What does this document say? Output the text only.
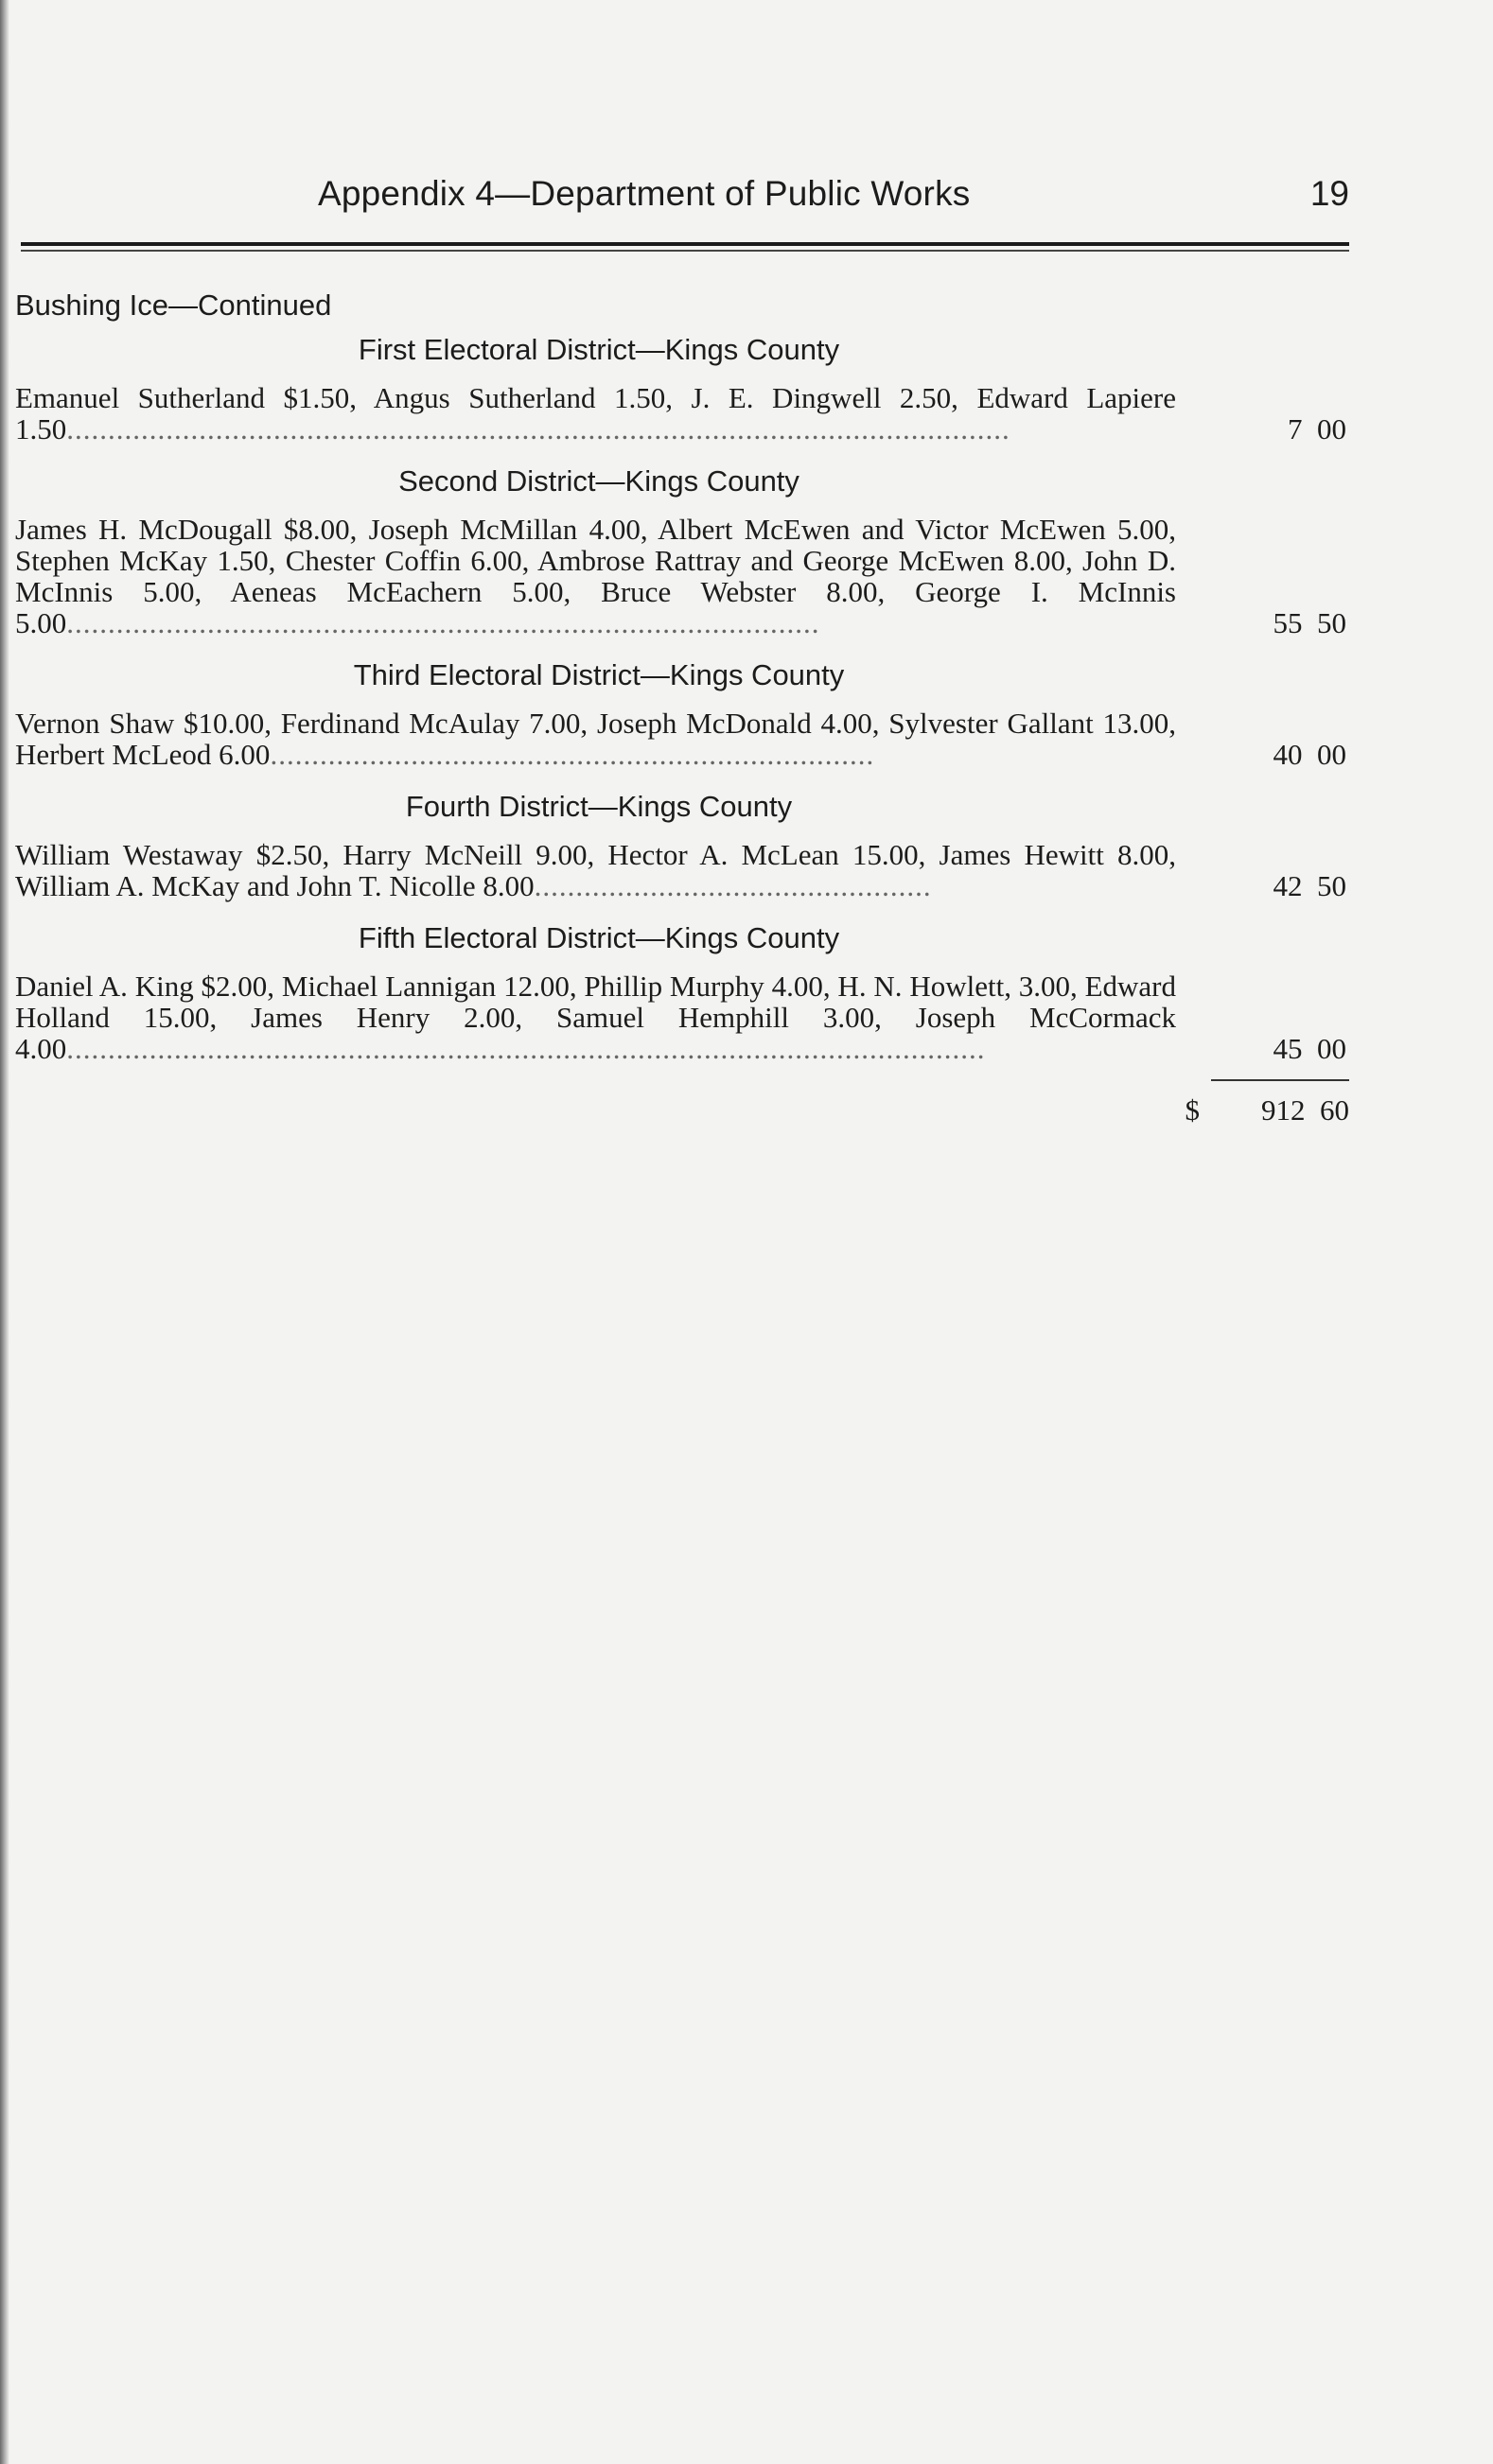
Appendix 4—Department of Public Works	19
Bushing Ice—Continued
First Electoral District—Kings County
Emanuel Sutherland $1.50, Angus Sutherland 1.50, J. E. Dingwell 2.50, Edward Lapiere 1.50..................................................................................................................	7  00
Second District—Kings County
James H. McDougall $8.00, Joseph McMillan 4.00, Albert McEwen and Victor McEwen 5.00, Stephen McKay 1.50, Chester Coffin 6.00, Ambrose Rattray and George McEwen 8.00, John D. McInnis 5.00, Aeneas McEachern 5.00, Bruce Webster 8.00, George I. McInnis 5.00...........................................................................................	55  50
Third Electoral District—Kings County
Vernon Shaw $10.00, Ferdinand McAulay 7.00, Joseph McDonald 4.00, Sylvester Gallant 13.00, Herbert McLeod 6.00.........................................................................	40  00
Fourth District—Kings County
William Westaway $2.50, Harry McNeill 9.00, Hector A. McLean 15.00, James Hewitt 8.00, William A. McKay and John T. Nicolle 8.00................................................	42  50
Fifth Electoral District—Kings County
Daniel A. King $2.00, Michael Lannigan 12.00, Phillip Murphy 4.00, H. N. Howlett, 3.00, Edward Holland 15.00, James Henry 2.00, Samuel Hemphill 3.00, Joseph McCormack 4.00...............................................................................................................	45  00
$	912  60
